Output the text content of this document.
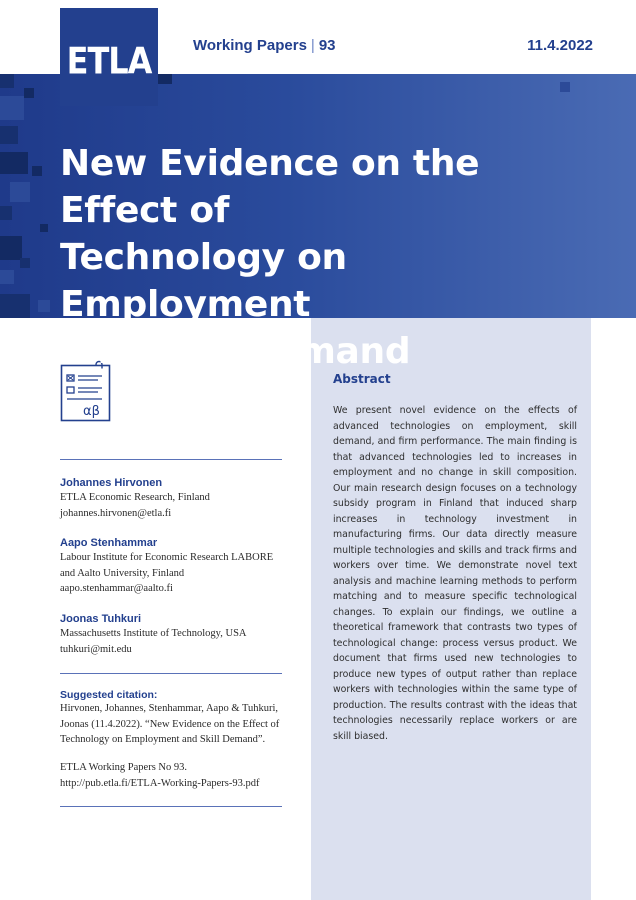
Working Papers | 93	11.4.2022
ETLA
New Evidence on the Effect of
Technology on Employment
and Skill Demand
αβ
Johannes Hirvonen
ETLA Economic Research, Finland
johannes.hirvonen@etla.fi
Aapo Stenhammar
Labour Institute for Economic Research LABORE
and Aalto University, Finland
aapo.stenhammar@aalto.fi
Joonas Tuhkuri
Massachusetts Institute of Technology, USA
tuhkuri@mit.edu
Suggested citation:
Hirvonen, Johannes, Stenhammar, Aapo & Tuhkuri,
Joonas (11.4.2022). “New Evidence on the Effect of
Technology on Employment and Skill Demand”.
ETLA Working Papers No 93.
http://pub.etla.fi/ETLA-Working-Papers-93.pdf
Abstract
We present novel evidence on the effects of advanced technologies on employment, skill demand, and firm performance. The main finding is that advanced technologies led to increases in employment and no change in skill composition. Our main research design focuses on a technology subsidy program in Finland that induced sharp increases in technology investment in manufacturing firms. Our data directly measure multiple technologies and skills and track firms and workers over time. We demonstrate novel text analysis and machine learning methods to perform matching and to measure specific technological changes. To explain our findings, we outline a theoretical framework that contrasts two types of technological change: process versus product. We document that firms used new technologies to produce new types of output rather than replace workers with technologies within the same type of production. The results contrast with the ideas that technologies necessarily replace workers or are skill biased.
